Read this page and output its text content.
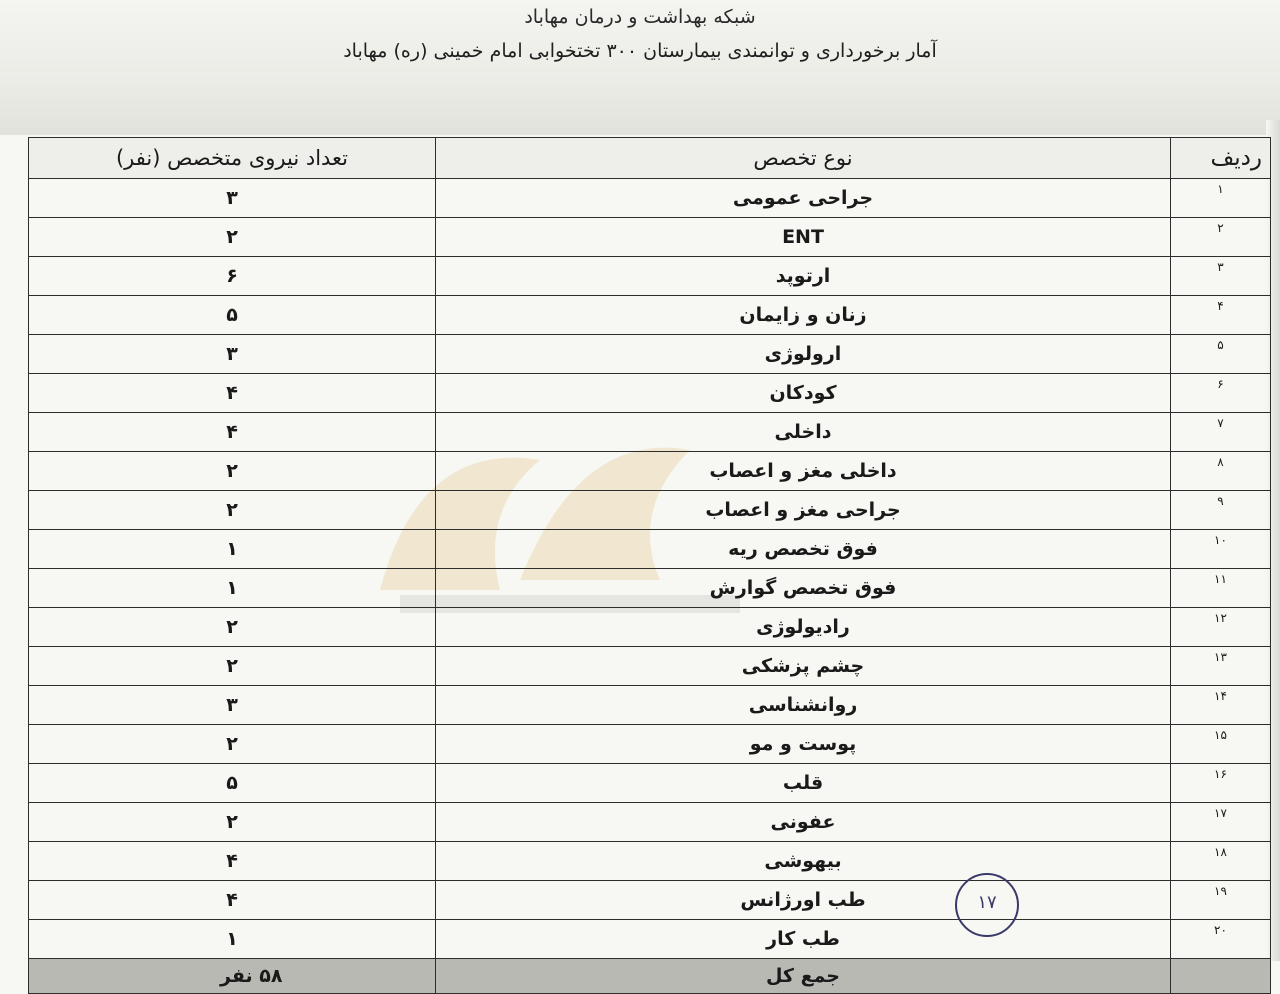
شبکه بهداشت و درمان مهاباد
آمار برخورداری و توانمندی بیمارستان ۳۰۰ تختخوابی امام خمینی (ره) مهاباد
ردیف	نوع تخصص	تعداد نیروی متخصص (نفر)
۱	جراحی عمومی	۳
۲	ENT	۲
۳	ارتوپد	۶
۴	زنان و زایمان	۵
۵	ارولوژی	۳
۶	کودکان	۴
۷	داخلی	۴
۸	داخلی مغز و اعصاب	۲
۹	جراحی مغز و اعصاب	۲
۱۰	فوق تخصص ریه	۱
۱۱	فوق تخصص گوارش	۱
۱۲	رادیولوژی	۲
۱۳	چشم پزشکی	۲
۱۴	روانشناسی	۳
۱۵	پوست و مو	۲
۱۶	قلب	۵
۱۷	عفونی	۲
۱۸	بیهوشی	۴
۱۹	طب اورژانس	۴
۲۰	طب کار	۱
	جمع کل	۵۸ نفر
۱۷
